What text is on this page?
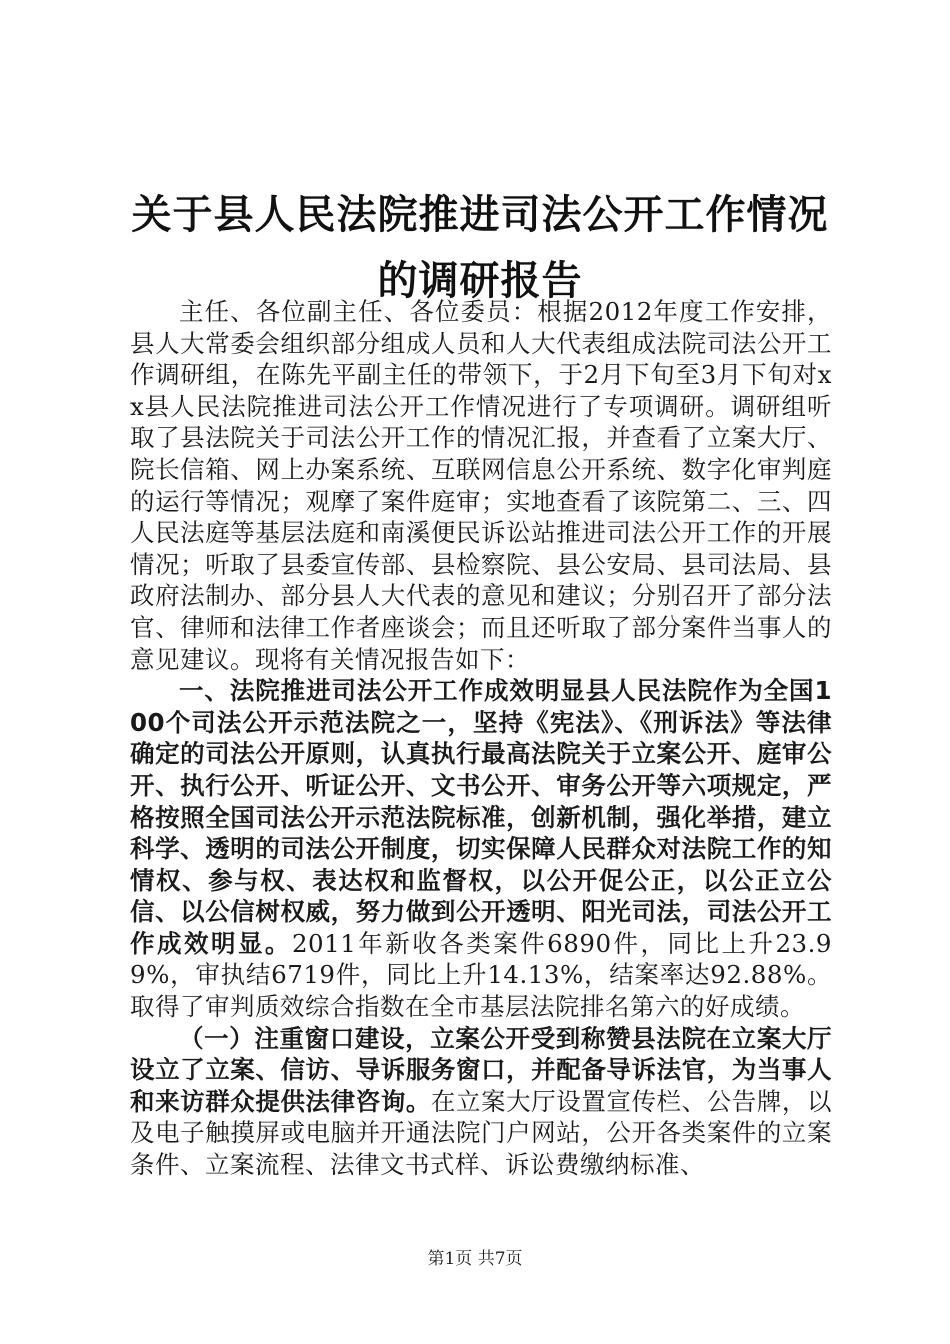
关于县人民法院推进司法公开工作情况的调研报告

主任、各位副主任、各位委员：根据2012年度工作安排，县人大常委会组织部分组成人员和人大代表组成法院司法公开工作调研组，在陈先平副主任的带领下，于2月下旬至3月下旬对xx县人民法院推进司法公开工作情况进行了专项调研。调研组听取了县法院关于司法公开工作的情况汇报，并查看了立案大厅、院长信箱、网上办案系统、互联网信息公开系统、数字化审判庭的运行等情况；观摩了案件庭审；实地查看了该院第二、三、四人民法庭等基层法庭和南溪便民诉讼站推进司法公开工作的开展情况；听取了县委宣传部、县检察院、县公安局、县司法局、县政府法制办、部分县人大代表的意见和建议；分别召开了部分法官、律师和法律工作者座谈会；而且还听取了部分案件当事人的意见建议。现将有关情况报告如下：

一、法院推进司法公开工作成效明显县人民法院作为全国100个司法公开示范法院之一，坚持《宪法》、《刑诉法》等法律确定的司法公开原则，认真执行最高法院关于立案公开、庭审公开、执行公开、听证公开、文书公开、审务公开等六项规定，严格按照全国司法公开示范法院标准，创新机制，强化举措，建立科学、透明的司法公开制度，切实保障人民群众对法院工作的知情权、参与权、表达权和监督权，以公开促公正，以公正立公信、以公信树权威，努力做到公开透明、阳光司法，司法公开工作成效明显。2011年新收各类案件6890件，同比上升23.99%，审执结6719件，同比上升14.13%，结案率达92.88%。取得了审判质效综合指数在全市基层法院排名第六的好成绩。

（一）注重窗口建设，立案公开受到称赞县法院在立案大厅设立了立案、信访、导诉服务窗口，并配备导诉法官，为当事人和来访群众提供法律咨询。在立案大厅设置宣传栏、公告牌，以及电子触摸屏或电脑并开通法院门户网站，公开各类案件的立案条件、立案流程、法律文书式样、诉讼费缴纳标准、

第1页 共7页
